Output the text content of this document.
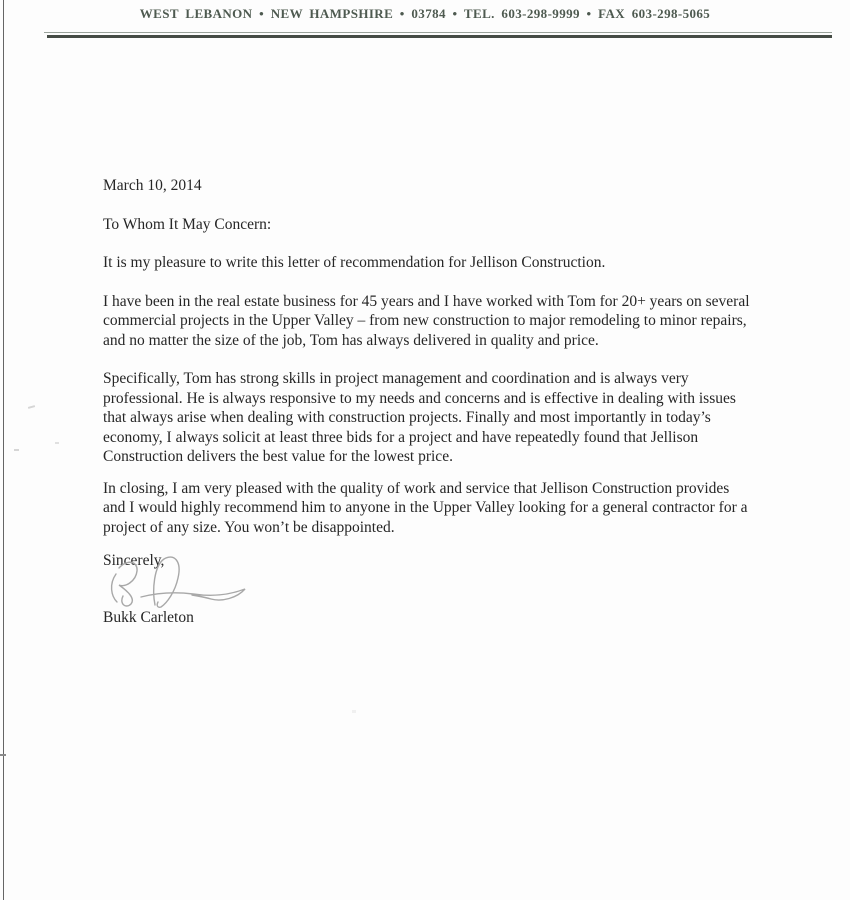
WEST LEBANON • NEW HAMPSHIRE • 03784 • TEL. 603-298-9999 • FAX 603-298-5065

March 10, 2014

To Whom It May Concern:

It is my pleasure to write this letter of recommendation for Jellison Construction.

I have been in the real estate business for 45 years and I have worked with Tom for 20+ years on several commercial projects in the Upper Valley – from new construction to major remodeling to minor repairs, and no matter the size of the job, Tom has always delivered in quality and price.

Specifically, Tom has strong skills in project management and coordination and is always very professional. He is always responsive to my needs and concerns and is effective in dealing with issues that always arise when dealing with construction projects. Finally and most importantly in today’s economy, I always solicit at least three bids for a project and have repeatedly found that Jellison Construction delivers the best value for the lowest price.

In closing, I am very pleased with the quality of work and service that Jellison Construction provides and I would highly recommend him to anyone in the Upper Valley looking for a general contractor for a project of any size. You won’t be disappointed.

Sincerely,

Bukk Carleton
